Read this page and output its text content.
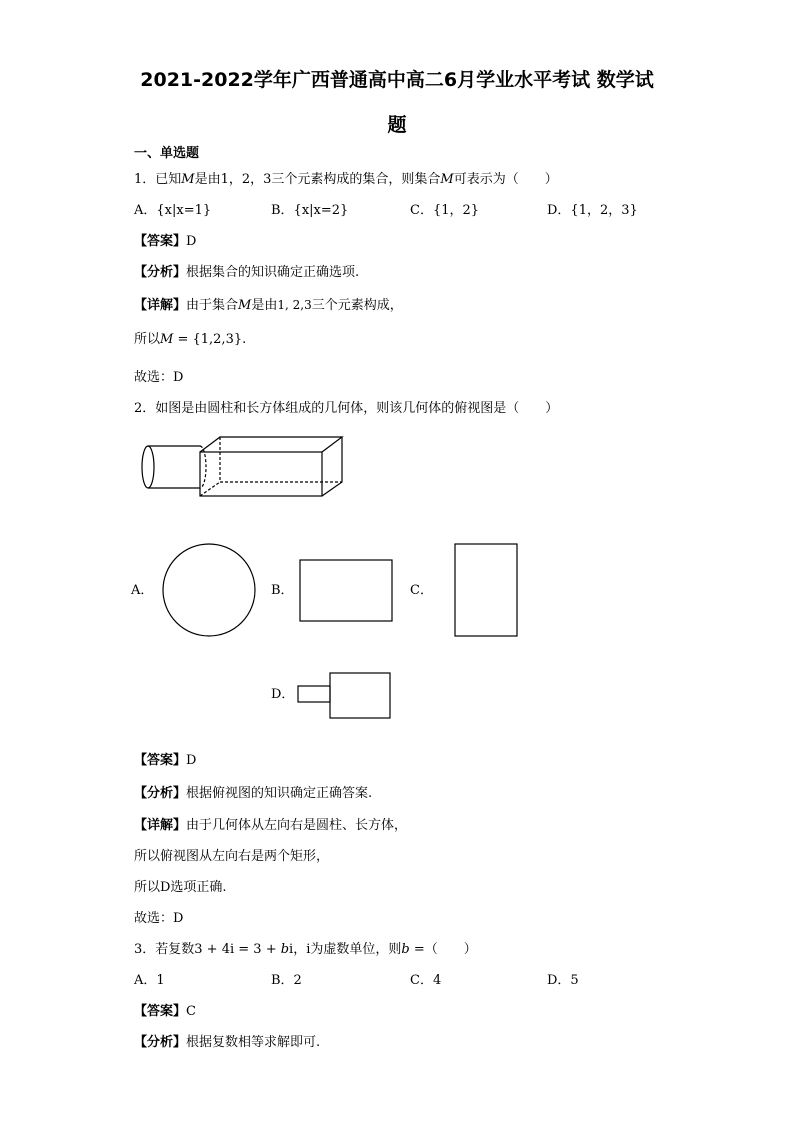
2021-2022学年广西普通高中高二6月学业水平考试 数学试
题
一、单选题
1．已知M是由1，2，3三个元素构成的集合，则集合M可表示为（　　）
A．{x|x=1}	B．{x|x=2}	C．{1，2}	D．{1，2，3}
【答案】D
【分析】根据集合的知识确定正确选项.
【详解】由于集合M是由1, 2,3三个元素构成，
所以M = {1,2,3}.
故选：D
2．如图是由圆柱和长方体组成的几何体，则该几何体的俯视图是（　　）
A．	B．	C．
D．
【答案】D
【分析】根据俯视图的知识确定正确答案.
【详解】由于几何体从左向右是圆柱、长方体，
所以俯视图从左向右是两个矩形，
所以D选项正确.
故选：D
3．若复数3 + 4i = 3 + bi，i为虚数单位，则b =（　　）
A．1	B．2	C．4	D．5
【答案】C
【分析】根据复数相等求解即可.
